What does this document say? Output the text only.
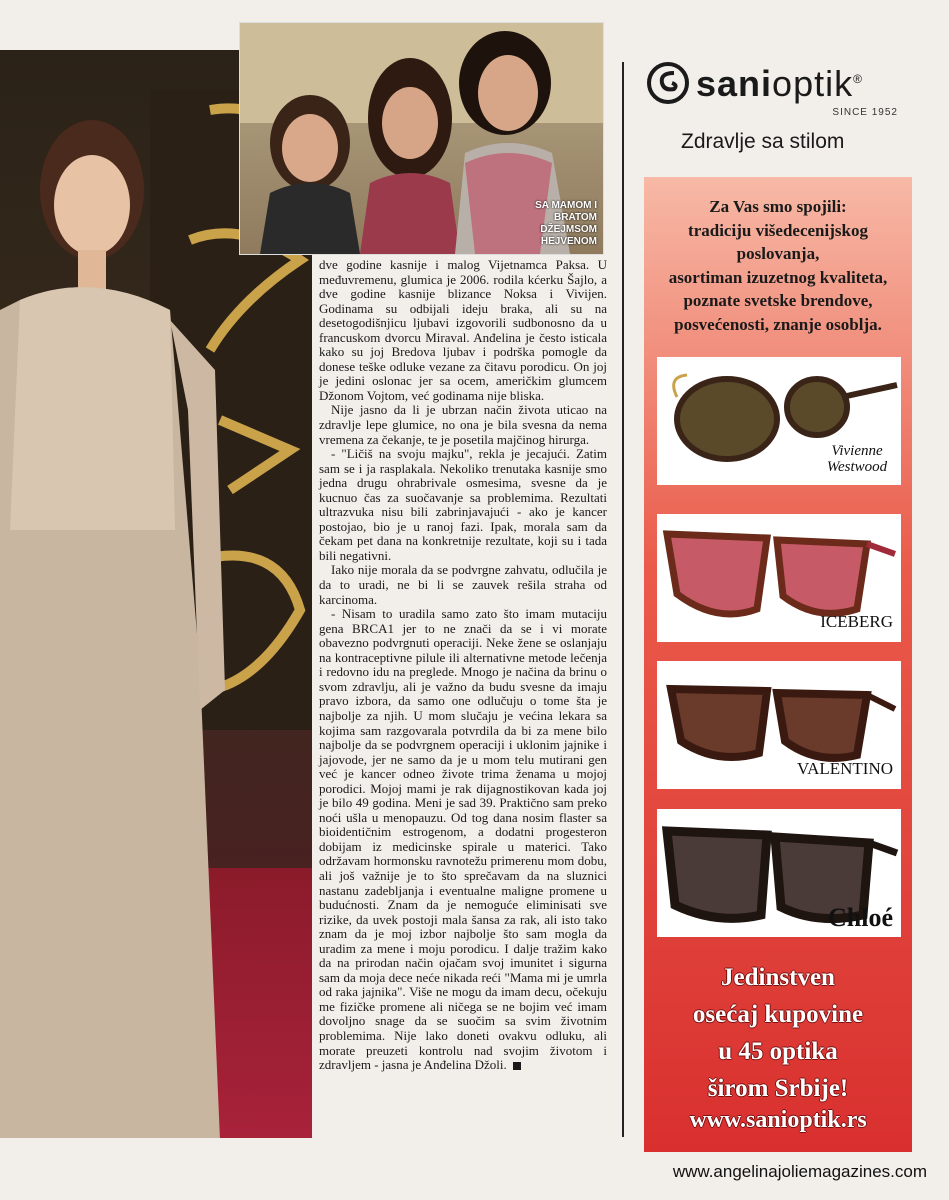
SA MAMOM I
BRATOM
DŽEJMSOM
HEJVENOM

dve godine kasnije i malog Vijetnamca Paksa. U međuvremenu, glumica je 2006. rodila kćerku Šajlo, a dve godine kasnije blizance Noksa i Vivijen. Godinama su odbijali ideju braka, ali su na desetogodišnjicu ljubavi izgovorili sudbonosno da u francuskom dvorcu Miraval. Anđelina je često isticala kako su joj Bredova ljubav i podrška pomogle da donese teške odluke vezane za čitavu porodicu. On joj je jedini oslonac jer sa ocem, američkim glumcem Džonom Vojtom, već godinama nije bliska.

Nije jasno da li je ubrzan način života uticao na zdravlje lepe glumice, no ona je bila svesna da nema vremena za čekanje, te je posetila majčinog hirurga.

- "Ličiš na svoju majku", rekla je jecajući. Zatim sam se i ja rasplakala. Nekoliko trenutaka kasnije smo jedna drugu ohrabrivale osmesima, svesne da je kucnuo čas za suočavanje sa problemima. Rezultati ultrazvuka nisu bili zabrinjavajući - ako je kancer postojao, bio je u ranoj fazi. Ipak, morala sam da čekam pet dana na konkretnije rezultate, koji su i tada bili negativni.

Iako nije morala da se podvrgne zahvatu, odlučila je da to uradi, ne bi li se zauvek rešila straha od karcinoma.

- Nisam to uradila samo zato što imam mutaciju gena BRCA1 jer to ne znači da se i vi morate obavezno podvrgnuti operaciji. Neke žene se oslanjaju na kontraceptivne pilule ili alternativne metode lečenja i redovno idu na preglede. Mnogo je načina da brinu o svom zdravlju, ali je važno da budu svesne da imaju pravo izbora, da samo one odlučuju o tome šta je najbolje za njih. U mom slučaju je većina lekara sa kojima sam razgovarala potvrdila da bi za mene bilo najbolje da se podvrgnem operaciji i uklonim jajnike i jajovode, jer ne samo da je u mom telu mutirani gen već je kancer odneo živote trima ženama u mojoj porodici. Mojoj mami je rak dijagnostikovan kada joj je bilo 49 godina. Meni je sad 39. Praktično sam preko noći ušla u menopauzu. Od tog dana nosim flaster sa bioidentičnim estrogenom, a dodatni progesteron dobijam iz medicinske spirale u materici. Tako održavam hormonsku ravnotežu primerenu mom dobu, ali još važnije je to što sprečavam da na sluznici nastanu zadebljanja i eventualne maligne promene u budućnosti. Znam da je nemoguće eliminisati sve rizike, da uvek postoji mala šansa za rak, ali isto tako znam da je moj izbor najbolje što sam mogla da uradim za mene i moju porodicu. I dalje tražim kako da na prirodan način ojačam svoj imunitet i sigurna sam da moja dece neće nikada reći "Mama mi je umrla od raka jajnika". Više ne mogu da imam decu, očekuju me fizičke promene ali ničega se ne bojim već imam dovoljno snage da se suočim sa svim životnim problemima. Nije lako doneti ovakvu odluku, ali morate preuzeti kontrolu nad svojim životom i zdravljem - jasna je Anđelina Džoli.

sanioptik®
SINCE 1952
Zdravlje sa stilom
Za Vas smo spojili:
tradiciju višedecenijskog
poslovanja,
asortiman izuzetnog kvaliteta,
poznate svetske brendove,
posvećenosti, znanje osoblja.
Vivienne
Westwood
ICEBERG
VALENTINO
Chloé
Jedinstven
osećaj kupovine
u 45 optika
širom Srbije!
www.sanioptik.rs
www.angelinajoliemagazines.com
